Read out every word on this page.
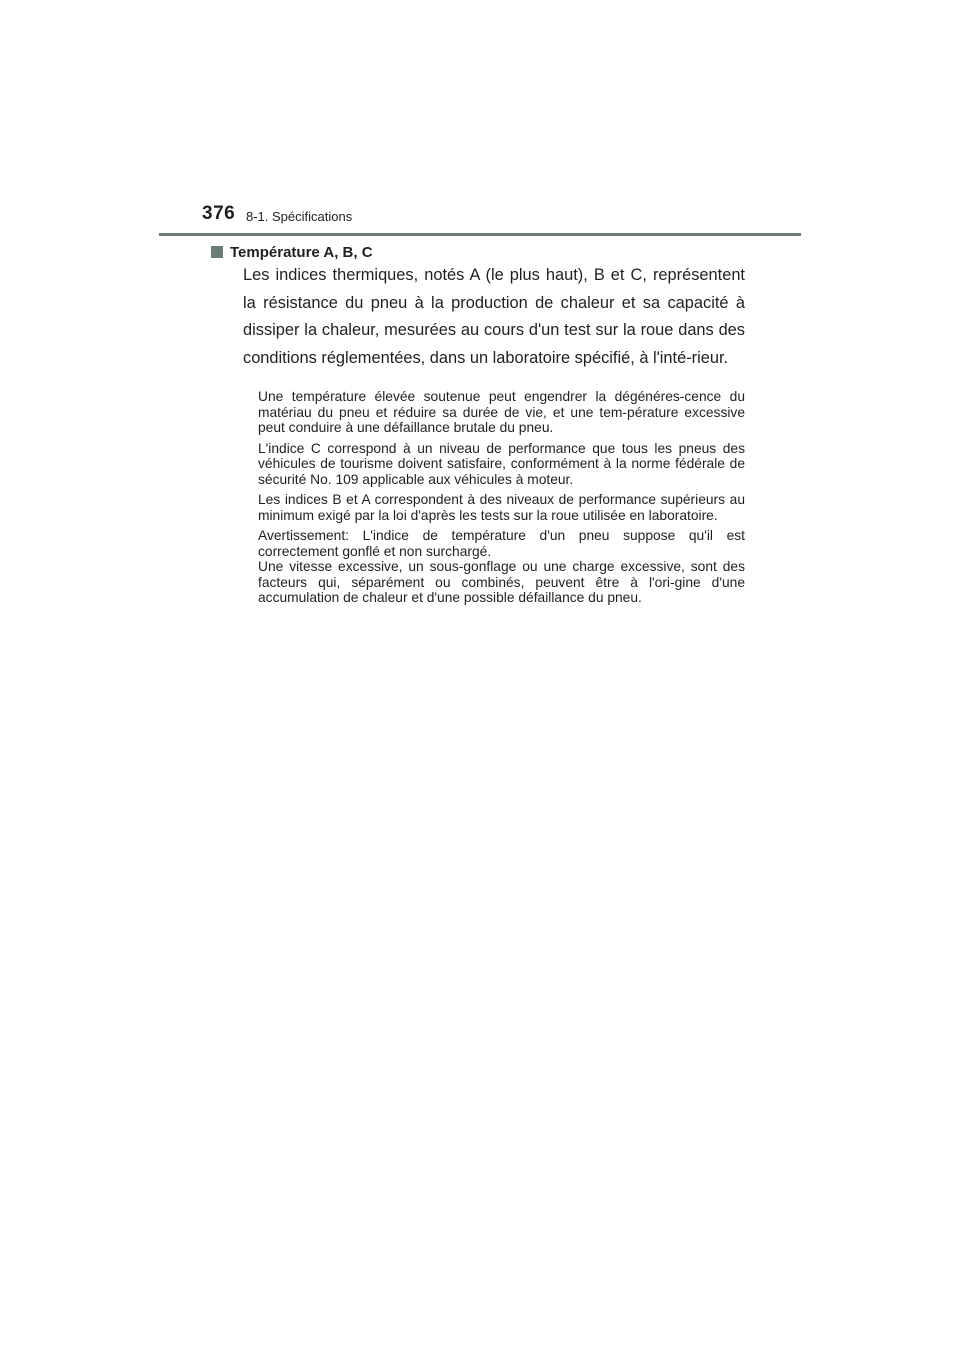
376 8-1. Spécifications
Température A, B, C

Les indices thermiques, notés A (le plus haut), B et C, représentent la résistance du pneu à la production de chaleur et sa capacité à dissiper la chaleur, mesurées au cours d'un test sur la roue dans des conditions réglementées, dans un laboratoire spécifié, à l'inté-rieur.

Une température élevée soutenue peut engendrer la dégénéres-cence du matériau du pneu et réduire sa durée de vie, et une tem-pérature excessive peut conduire à une défaillance brutale du pneu.

L'indice C correspond à un niveau de performance que tous les pneus des véhicules de tourisme doivent satisfaire, conformément à la norme fédérale de sécurité No. 109 applicable aux véhicules à moteur.

Les indices B et A correspondent à des niveaux de performance supérieurs au minimum exigé par la loi d'après les tests sur la roue utilisée en laboratoire.

Avertissement: L'indice de température d'un pneu suppose qu'il est correctement gonflé et non surchargé.
Une vitesse excessive, un sous-gonflage ou une charge excessive, sont des facteurs qui, séparément ou combinés, peuvent être à l'ori-gine d'une accumulation de chaleur et d'une possible défaillance du pneu.
